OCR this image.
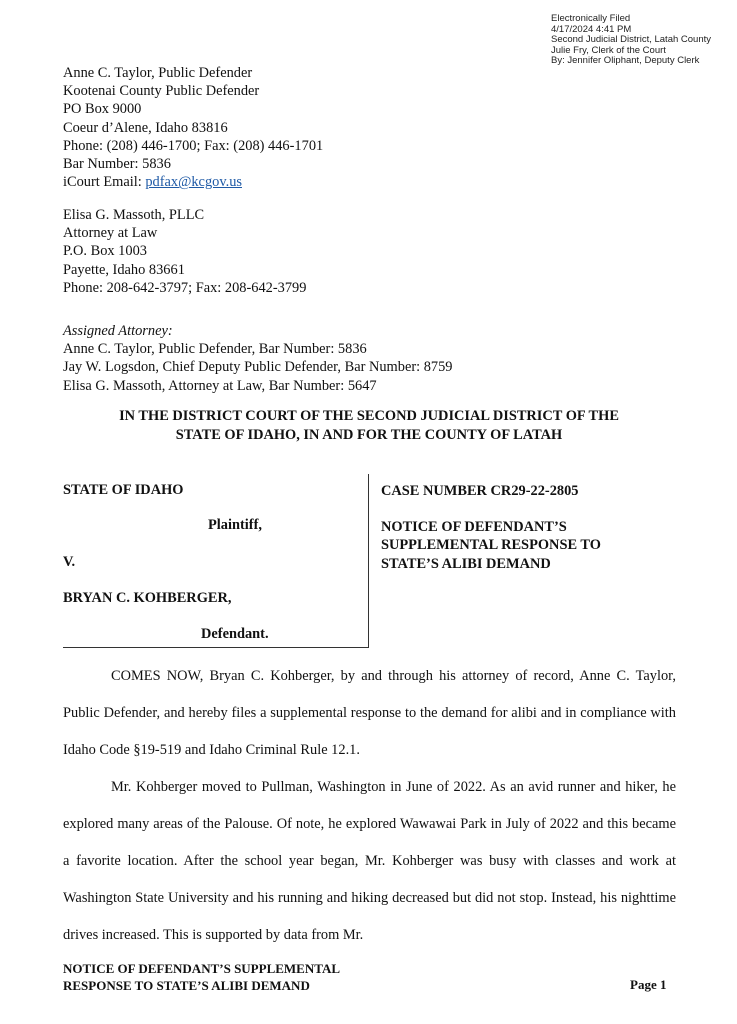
Electronically Filed
4/17/2024 4:41 PM
Second Judicial District, Latah County
Julie Fry, Clerk of the Court
By: Jennifer Oliphant, Deputy Clerk
Anne C. Taylor, Public Defender
Kootenai County Public Defender
PO Box 9000
Coeur d’Alene, Idaho 83816
Phone: (208) 446-1700; Fax: (208) 446-1701
Bar Number: 5836
iCourt Email: pdfax@kcgov.us
Elisa G. Massoth, PLLC
Attorney at Law
P.O. Box 1003
Payette, Idaho 83661
Phone: 208-642-3797; Fax: 208-642-3799
Assigned Attorney:
Anne C. Taylor, Public Defender, Bar Number: 5836
Jay W. Logsdon, Chief Deputy Public Defender, Bar Number: 8759
Elisa G. Massoth, Attorney at Law, Bar Number: 5647
IN THE DISTRICT COURT OF THE SECOND JUDICIAL DISTRICT OF THE
STATE OF IDAHO, IN AND FOR THE COUNTY OF LATAH
STATE OF IDAHO
Plaintiff,
V.
BRYAN C. KOHBERGER,
Defendant.
CASE NUMBER CR29-22-2805
NOTICE OF DEFENDANT’S
SUPPLEMENTAL RESPONSE TO
STATE’S ALIBI DEMAND

COMES NOW, Bryan C. Kohberger, by and through his attorney of record, Anne C. Taylor, Public Defender, and hereby files a supplemental response to the demand for alibi and in compliance with Idaho Code §19-519 and Idaho Criminal Rule 12.1.

Mr. Kohberger moved to Pullman, Washington in June of 2022. As an avid runner and hiker, he explored many areas of the Palouse. Of note, he explored Wawawai Park in July of 2022 and this became a favorite location. After the school year began, Mr. Kohberger was busy with classes and work at Washington State University and his running and hiking decreased but did not stop. Instead, his nighttime drives increased. This is supported by data from Mr.

NOTICE OF DEFENDANT’S SUPPLEMENTAL
RESPONSE TO STATE’S ALIBI DEMAND	Page 1
